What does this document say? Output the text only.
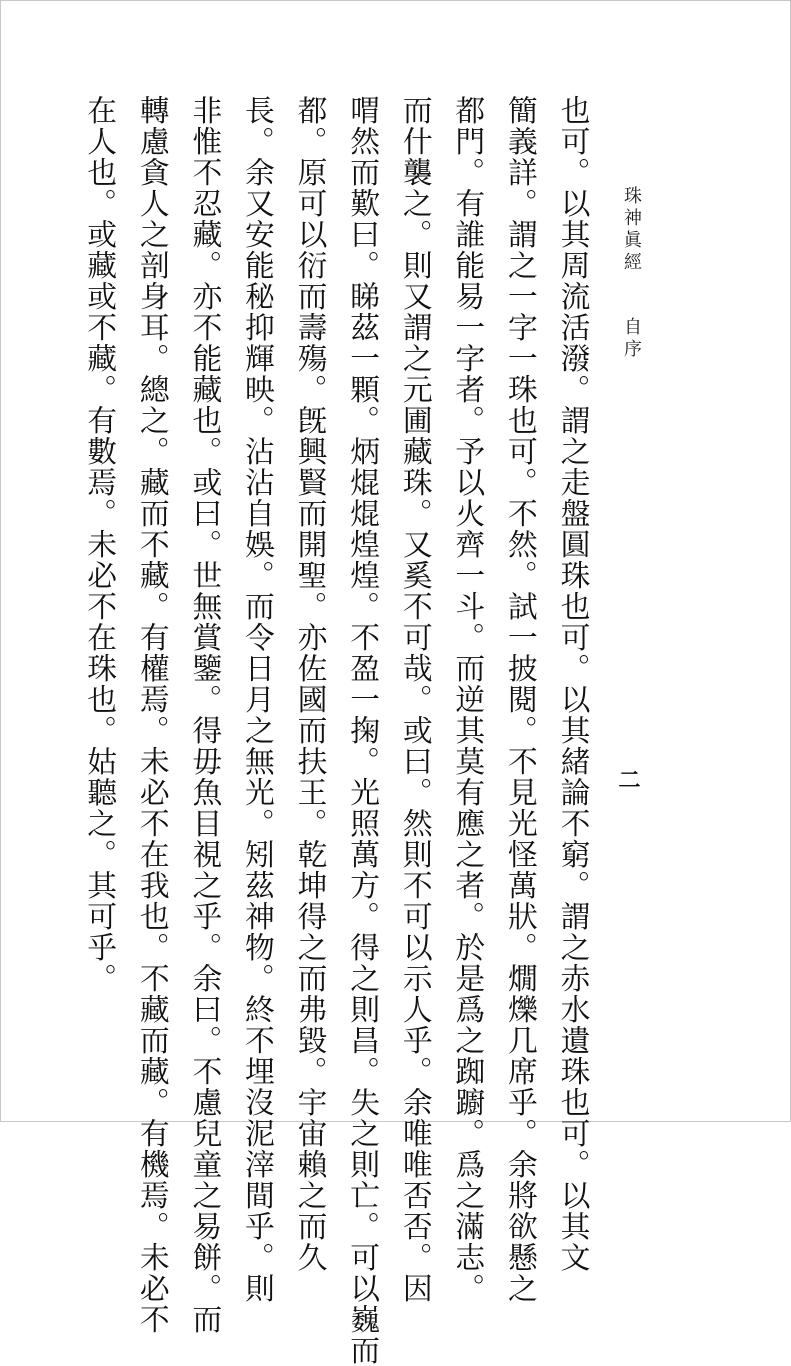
珠神眞經 自序
二
也可。以其周流活潑。謂之走盤圓珠也可。以其緒論不窮。謂之赤水遺珠也可。以其文
簡義詳。謂之一字一珠也可。不然。試一披閱。不見光怪萬狀。燗爍几席乎。余將欲懸之
都門。有誰能易一字者。予以火齊一斗。而逆其莫有應之者。於是爲之踟躕。爲之滿志。
而什襲之。則又謂之元圃藏珠。又奚不可哉。或曰。然則不可以示人乎。余唯唯否否。因
喟然而歎曰。睇茲一顆。炳焜焜煌煌。不盈一掬。光照萬方。得之則昌。失之則亡。可以巍而
都。原可以衍而壽殤。旣興賢而開聖。亦佐國而扶王。乾坤得之而弗毀。宇宙賴之而久
長。余又安能秘抑輝映。沾沾自娛。而令日月之無光。矧茲神物。終不埋沒泥滓間乎。則
非惟不忍藏。亦不能藏也。或曰。世無賞鑒。得毋魚目視之乎。余曰。不慮兒童之易餅。而
轉慮貪人之剖身耳。總之。藏而不藏。有權焉。未必不在我也。不藏而藏。有機焉。未必不
在人也。或藏或不藏。有數焉。未必不在珠也。姑聽之。其可乎。
